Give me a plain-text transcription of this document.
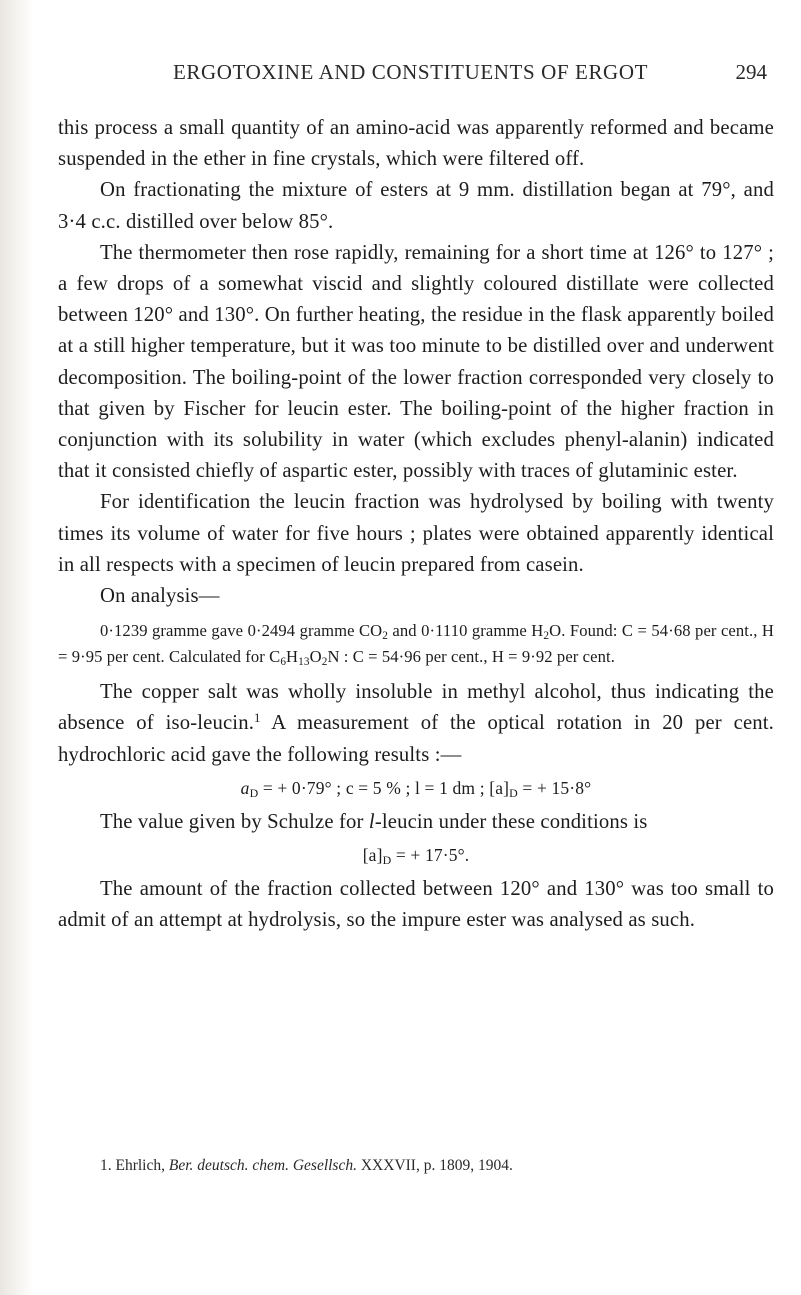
ERGOTOXINE AND CONSTITUENTS OF ERGOT	294

this process a small quantity of an amino-acid was apparently reformed and became suspended in the ether in fine crystals, which were filtered off.

On fractionating the mixture of esters at 9 mm. distillation began at 79°, and 3·4 c.c. distilled over below 85°.

The thermometer then rose rapidly, remaining for a short time at 126° to 127° ; a few drops of a somewhat viscid and slightly coloured distillate were collected between 120° and 130°. On further heating, the residue in the flask apparently boiled at a still higher temperature, but it was too minute to be distilled over and underwent decomposition. The boiling-point of the lower fraction corresponded very closely to that given by Fischer for leucin ester. The boiling-point of the higher fraction in conjunction with its solubility in water (which excludes phenyl-alanin) indicated that it consisted chiefly of aspartic ester, possibly with traces of glutaminic ester.

For identification the leucin fraction was hydrolysed by boiling with twenty times its volume of water for five hours ; plates were obtained apparently identical in all respects with a specimen of leucin prepared from casein.

On analysis—

0·1239 gramme gave 0·2494 gramme $CO_2$ and 0·1110 gramme $H_2O$. Found: C = 54·68 per cent., H = 9·95 per cent. Calculated for $C_6H_{13}O_2N$ : C = 54·96 per cent., H = 9·92 per cent.

The copper salt was wholly insoluble in methyl alcohol, thus indicating the absence of iso-leucin.$^1$ A measurement of the optical rotation in 20 per cent. hydrochloric acid gave the following results :—

$a_D$ = + 0·79° ; c = 5 % ; l = 1 dm ; $[a]_D$ = + 15·8°

The value given by Schulze for l-leucin under these conditions is

$[a]_D$ = + 17·5°.

The amount of the fraction collected between 120° and 130° was too small to admit of an attempt at hydrolysis, so the impure ester was analysed as such.

1. Ehrlich, Ber. deutsch. chem. Gesellsch. XXXVII, p. 1809, 1904.
